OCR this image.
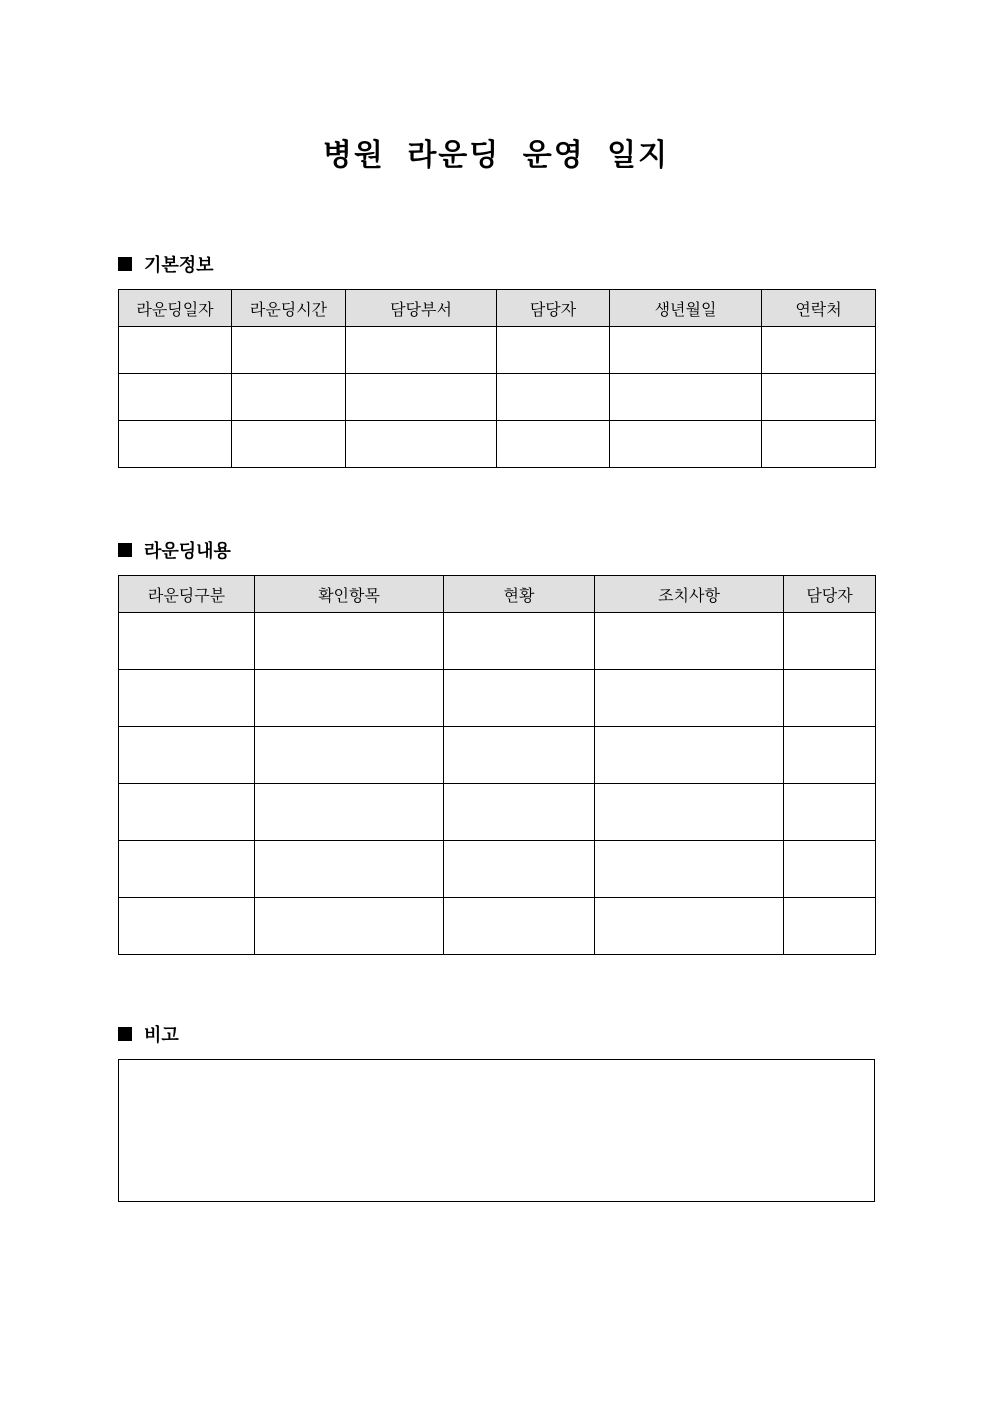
병원 라운딩 운영 일지
기본정보
라운딩일자	라운딩시간	담당부서	담당자	생년월일	연락처

라운딩내용
라운딩구분	확인항목	현황	조치사항	담당자

비고
